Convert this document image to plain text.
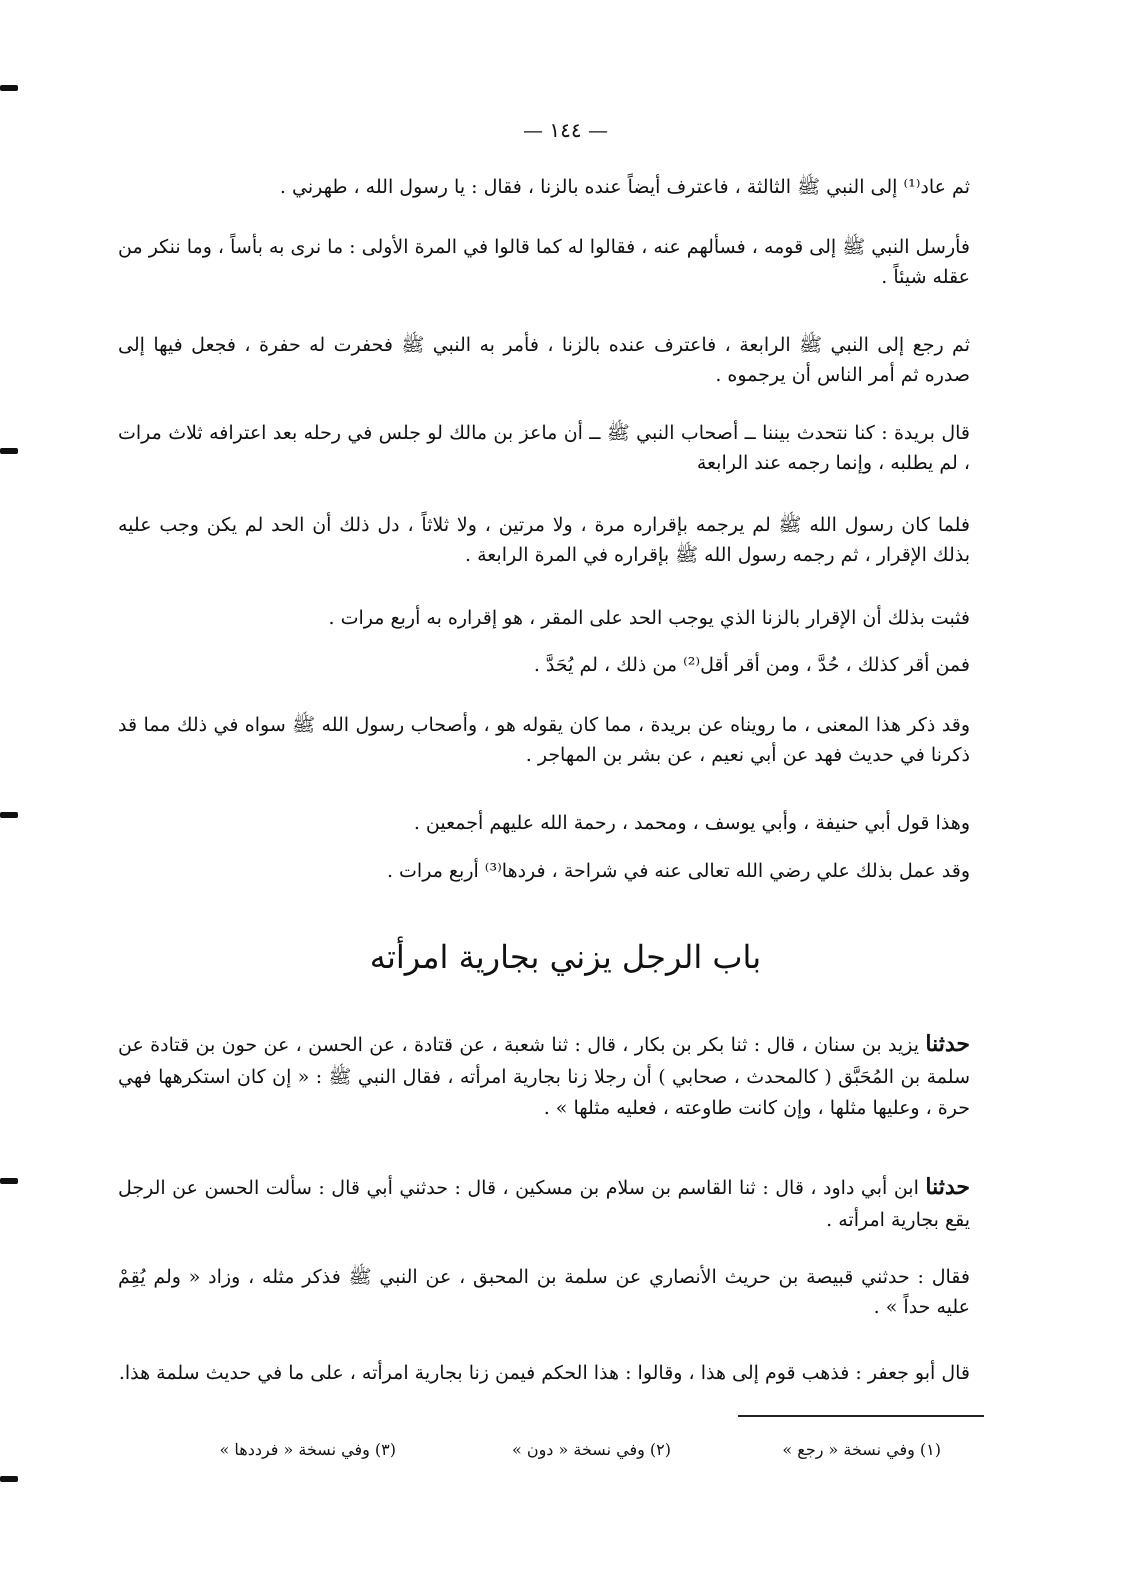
— ١٤٤ —

ثم عاد⁽¹⁾ إلى النبي ﷺ الثالثة ، فاعترف أيضاً عنده بالزنا ، فقال : يا رسول الله ، طهرني .

فأرسل النبي ﷺ إلى قومه ، فسألهم عنه ، فقالوا له كما قالوا في المرة الأولى : ما نرى به بأساً ، وما ننكر من عقله شيئاً .

ثم رجع إلى النبي ﷺ الرابعة ، فاعترف عنده بالزنا ، فأمر به النبي ﷺ فحفرت له حفرة ، فجعل فيها إلى صدره ثم أمر الناس أن يرجموه .

قال بريدة : كنا نتحدث بيننا ــ أصحاب النبي ﷺ ــ أن ماعز بن مالك لو جلس في رحله بعد اعترافه ثلاث مرات ، لم يطلبه ، وإنما رجمه عند الرابعة

فلما كان رسول الله ﷺ لم يرجمه بإقراره مرة ، ولا مرتين ، ولا ثلاثاً ، دل ذلك أن الحد لم يكن وجب عليه بذلك الإقرار ، ثم رجمه رسول الله ﷺ بإقراره في المرة الرابعة .

فثبت بذلك أن الإقرار بالزنا الذي يوجب الحد على المقر ، هو إقراره به أربع مرات .

فمن أقر كذلك ، حُدَّ ، ومن أقر أقل⁽²⁾ من ذلك ، لم يُحَدَّ .

وقد ذكر هذا المعنى ، ما رويناه عن بريدة ، مما كان يقوله هو ، وأصحاب رسول الله ﷺ سواه في ذلك مما قد ذكرنا في حديث فهد عن أبي نعيم ، عن بشر بن المهاجر .

وهذا قول أبي حنيفة ، وأبي يوسف ، ومحمد ، رحمة الله عليهم أجمعين .

وقد عمل بذلك علي رضي الله تعالى عنه في شراحة ، فردها⁽³⁾ أربع مرات .

باب الرجل يزني بجارية امرأته

حدثنا يزيد بن سنان ، قال : ثنا بكر بن بكار ، قال : ثنا شعبة ، عن قتادة ، عن الحسن ، عن حون بن قتادة عن سلمة بن المُحَبَّق ( كالمحدث ، صحابي ) أن رجلا زنا بجارية امرأته ، فقال النبي ﷺ : « إن كان استكرهها فهي حرة ، وعليها مثلها ، وإن كانت طاوعته ، فعليه مثلها » .

حدثنا ابن أبي داود ، قال : ثنا القاسم بن سلام بن مسكين ، قال : حدثني أبي قال : سألت الحسن عن الرجل يقع بجارية امرأته .

فقال : حدثني قبيصة بن حريث الأنصاري عن سلمة بن المحبق ، عن النبي ﷺ فذكر مثله ، وزاد « ولم يُقِمْ عليه حداً » .

قال أبو جعفر : فذهب قوم إلى هذا ، وقالوا : هذا الحكم فيمن زنا بجارية امرأته ، على ما في حديث سلمة هذا.

(١) وفي نسخة « رجع »
(٢) وفي نسخة « دون »
(٣) وفي نسخة « فرددها »
